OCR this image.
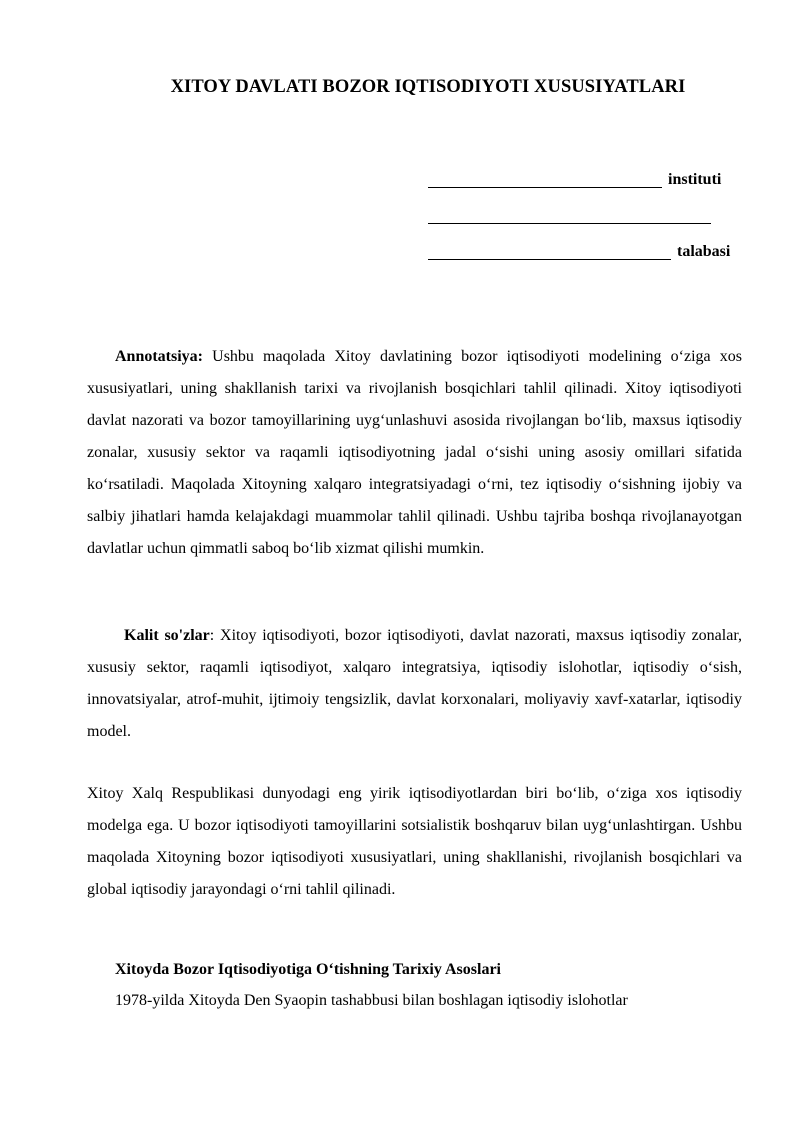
XITOY DAVLATI BOZOR IQTISODIYOTI XUSUSIYATLARI
instituti
talabasi

Annotatsiya: Ushbu maqolada Xitoy davlatining bozor iqtisodiyoti modelining o‘ziga xos xususiyatlari, uning shakllanish tarixi va rivojlanish bosqichlari tahlil qilinadi. Xitoy iqtisodiyoti davlat nazorati va bozor tamoyillarining uyg‘unlashuvi asosida rivojlangan bo‘lib, maxsus iqtisodiy zonalar, xususiy sektor va raqamli iqtisodiyotning jadal o‘sishi uning asosiy omillari sifatida ko‘rsatiladi. Maqolada Xitoyning xalqaro integratsiyadagi o‘rni, tez iqtisodiy o‘sishning ijobiy va salbiy jihatlari hamda kelajakdagi muammolar tahlil qilinadi. Ushbu tajriba boshqa rivojlanayotgan davlatlar uchun qimmatli saboq bo‘lib xizmat qilishi mumkin.

Kalit so'zlar: Xitoy iqtisodiyoti, bozor iqtisodiyoti, davlat nazorati, maxsus iqtisodiy zonalar, xususiy sektor, raqamli iqtisodiyot, xalqaro integratsiya, iqtisodiy islohotlar, iqtisodiy o‘sish, innovatsiyalar, atrof-muhit, ijtimoiy tengsizlik, davlat korxonalari, moliyaviy xavf-xatarlar, iqtisodiy model.

Xitoy Xalq Respublikasi dunyodagi eng yirik iqtisodiyotlardan biri bo‘lib, o‘ziga xos iqtisodiy modelga ega. U bozor iqtisodiyoti tamoyillarini sotsialistik boshqaruv bilan uyg‘unlashtirgan. Ushbu maqolada Xitoyning bozor iqtisodiyoti xususiyatlari, uning shakllanishi, rivojlanish bosqichlari va global iqtisodiy jarayondagi o‘rni tahlil qilinadi.

Xitoyda Bozor Iqtisodiyotiga O‘tishning Tarixiy Asoslari
1978-yilda Xitoyda Den Syaopin tashabbusi bilan boshlagan iqtisodiy islohotlar
